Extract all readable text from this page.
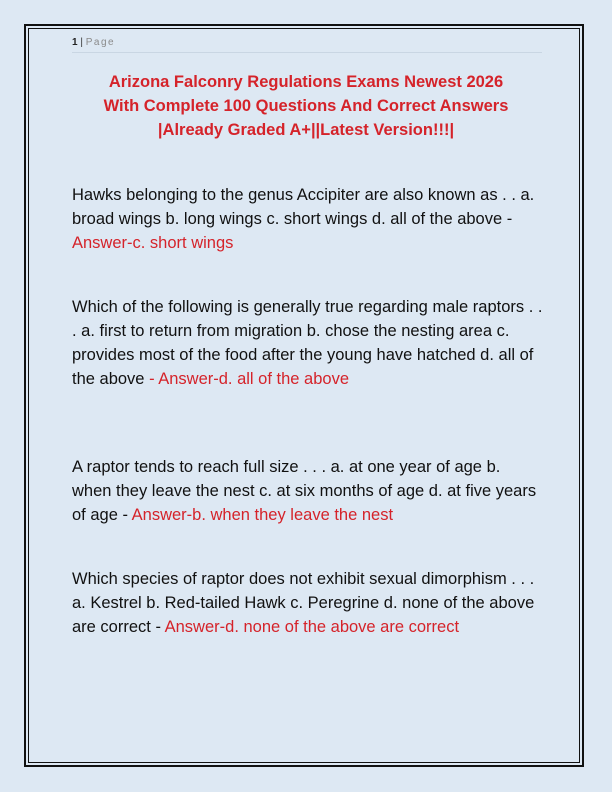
1 | Page
Arizona Falconry Regulations Exams Newest 2026
With Complete 100 Questions And Correct Answers
|Already Graded A+||Latest Version!!!|
Hawks belonging to the genus Accipiter are also known as . . a. broad wings b. long wings c. short wings d. all of the above - Answer-c. short wings
Which of the following is generally true regarding male raptors . . . a. first to return from migration b. chose the nesting area c. provides most of the food after the young have hatched d. all of the above - Answer-d. all of the above
A raptor tends to reach full size . . . a. at one year of age b. when they leave the nest c. at six months of age d. at five years of age - Answer-b. when they leave the nest
Which species of raptor does not exhibit sexual dimorphism . . . a. Kestrel b. Red-tailed Hawk c. Peregrine d. none of the above are correct - Answer-d. none of the above are correct
